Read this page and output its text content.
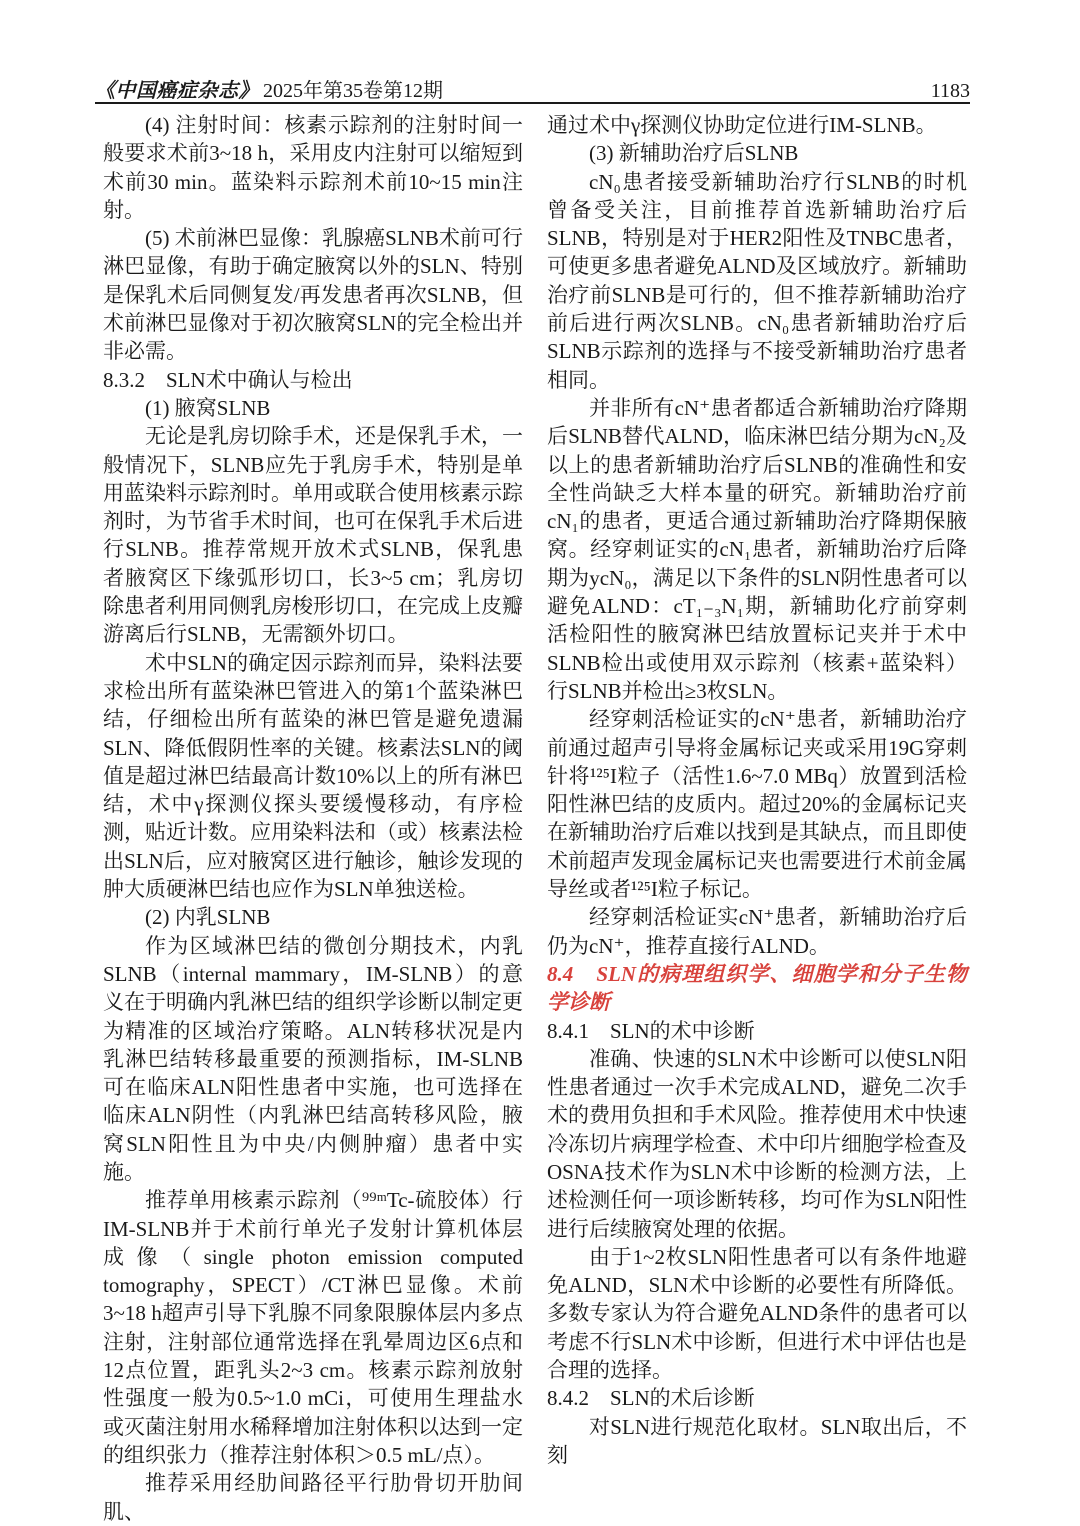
《中国癌症杂志》 2025年第35卷第12期	1183

(4) 注射时间：核素示踪剂的注射时间一般要求术前3~18 h，采用皮内注射可以缩短到术前30 min。蓝染料示踪剂术前10~15 min注射。

(5) 术前淋巴显像：乳腺癌SLNB术前可行淋巴显像，有助于确定腋窝以外的SLN、特别是保乳术后同侧复发/再发患者再次SLNB，但术前淋巴显像对于初次腋窝SLN的完全检出并非必需。

8.3.2　SLN术中确认与检出

(1) 腋窝SLNB

无论是乳房切除手术，还是保乳手术，一般情况下，SLNB应先于乳房手术，特别是单用蓝染料示踪剂时。单用或联合使用核素示踪剂时，为节省手术时间，也可在保乳手术后进行SLNB。推荐常规开放术式SLNB，保乳患者腋窝区下缘弧形切口，长3~5 cm；乳房切除患者利用同侧乳房梭形切口，在完成上皮瓣游离后行SLNB，无需额外切口。

术中SLN的确定因示踪剂而异，染料法要求检出所有蓝染淋巴管进入的第1个蓝染淋巴结，仔细检出所有蓝染的淋巴管是避免遗漏SLN、降低假阴性率的关键。核素法SLN的阈值是超过淋巴结最高计数10%以上的所有淋巴结，术中γ探测仪探头要缓慢移动，有序检测，贴近计数。应用染料法和（或）核素法检出SLN后，应对腋窝区进行触诊，触诊发现的肿大质硬淋巴结也应作为SLN单独送检。

(2) 内乳SLNB

作为区域淋巴结的微创分期技术，内乳SLNB（internal mammary，IM-SLNB）的意义在于明确内乳淋巴结的组织学诊断以制定更为精准的区域治疗策略。ALN转移状况是内乳淋巴结转移最重要的预测指标，IM-SLNB可在临床ALN阳性患者中实施，也可选择在临床ALN阴性（内乳淋巴结高转移风险，腋窝SLN阳性且为中央/内侧肿瘤）患者中实施。

推荐单用核素示踪剂（⁹⁹ᵐTc-硫胶体）行IM-SLNB并于术前行单光子发射计算机体层成像（single photon emission computed tomography，SPECT）/CT淋巴显像。术前3~18 h超声引导下乳腺不同象限腺体层内多点注射，注射部位通常选择在乳晕周边区6点和12点位置，距乳头2~3 cm。核素示踪剂放射性强度一般为0.5~1.0 mCi，可使用生理盐水或灭菌注射用水稀释增加注射体积以达到一定的组织张力（推荐注射体积＞0.5 mL/点）。

推荐采用经肋间路径平行肋骨切开肋间肌、

通过术中γ探测仪协助定位进行IM-SLNB。

(3) 新辅助治疗后SLNB

cN₀患者接受新辅助治疗行SLNB的时机曾备受关注，目前推荐首选新辅助治疗后SLNB，特别是对于HER2阳性及TNBC患者，可使更多患者避免ALND及区域放疗。新辅助治疗前SLNB是可行的，但不推荐新辅助治疗前后进行两次SLNB。cN₀患者新辅助治疗后SLNB示踪剂的选择与不接受新辅助治疗患者相同。

并非所有cN⁺患者都适合新辅助治疗降期后SLNB替代ALND，临床淋巴结分期为cN₂及以上的患者新辅助治疗后SLNB的准确性和安全性尚缺乏大样本量的研究。新辅助治疗前cN₁的患者，更适合通过新辅助治疗降期保腋窝。经穿刺证实的cN₁患者，新辅助治疗后降期为ycN₀，满足以下条件的SLN阴性患者可以避免ALND：cT₁₋₃N₁期，新辅助化疗前穿刺活检阳性的腋窝淋巴结放置标记夹并于术中SLNB检出或使用双示踪剂（核素+蓝染料）行SLNB并检出≥3枚SLN。

经穿刺活检证实的cN⁺患者，新辅助治疗前通过超声引导将金属标记夹或采用19G穿刺针将¹²⁵I粒子（活性1.6~7.0 MBq）放置到活检阳性淋巴结的皮质内。超过20%的金属标记夹在新辅助治疗后难以找到是其缺点，而且即使术前超声发现金属标记夹也需要进行术前金属导丝或者¹²⁵I粒子标记。

经穿刺活检证实cN⁺患者，新辅助治疗后仍为cN⁺，推荐直接行ALND。

8.4　SLN的病理组织学、细胞学和分子生物学诊断

8.4.1　SLN的术中诊断

准确、快速的SLN术中诊断可以使SLN阳性患者通过一次手术完成ALND，避免二次手术的费用负担和手术风险。推荐使用术中快速冷冻切片病理学检查、术中印片细胞学检查及OSNA技术作为SLN术中诊断的检测方法，上述检测任何一项诊断转移，均可作为SLN阳性进行后续腋窝处理的依据。

由于1~2枚SLN阳性患者可以有条件地避免ALND，SLN术中诊断的必要性有所降低。多数专家认为符合避免ALND条件的患者可以考虑不行SLN术中诊断，但进行术中评估也是合理的选择。

8.4.2　SLN的术后诊断

对SLN进行规范化取材。SLN取出后，不刻
